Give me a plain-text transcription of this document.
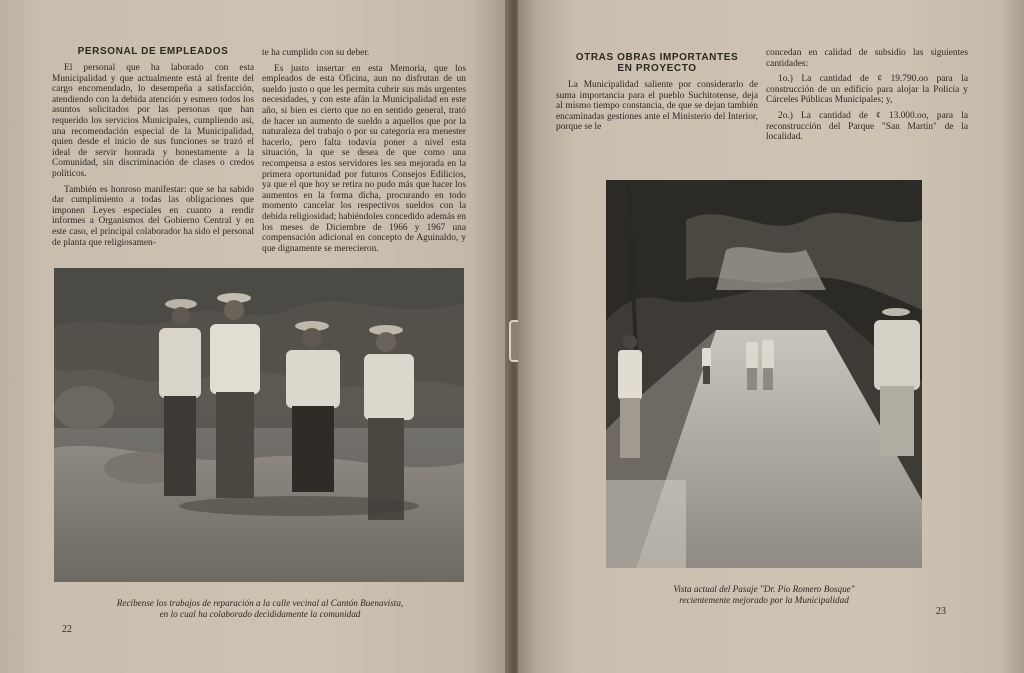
PERSONAL DE EMPLEADOS

El personal que ha laborado con esta Municipalidad y que actualmente está al frente del cargo encomendado, lo desempeña a satisfacción, atendiendo con la debida atención y esmero todos los asuntos solicitados por las personas que han requerido los servicios Municipales, cumpliendo así, una recomendación especial de la Municipalidad, quien desde el inicio de sus funciones se trazó el ideal de servir honrada y honestamente a la Comunidad, sin discriminación de clases o credos políticos.

También es honroso manifestar: que se ha sabido dar cumplimiento a todas las obligaciones que imponen Leyes especiales en cuanto a rendir informes a Organismos del Gobierno Central y en este caso, el principal colaborador ha sido el personal de planta que religiosamen-

te ha cumplido con su deber.

Es justo insertar en esta Memoria, que los empleados de esta Oficina, aun no disfrutan de un sueldo justo o que les permita cubrir sus más urgentes necesidades, y con este afán la Municipalidad en este año, si bien es cierto que no en sentido general, trató de hacer un aumento de sueldo a aquellos que por la naturaleza del trabajo o por su categoría era menester hacerlo, pero falta todavía poner a nivel esta situación, la que se desea de que como una recompensa a estos servidores les sea mejorada en la primera oportunidad por futuros Consejos Edilicios, ya que el que hoy se retira no pudo más que hacer los aumentos en la forma dicha, procurando en todo momento cancelar los respectivos sueldos con la debida religiosidad; habiéndoles concedido además en los meses de Diciembre de 1966 y 1967 una compensación adicional en concepto de Aguinaldo, y que dignamente se merecieron.

Recíbense los trabajos de reparación a la calle vecinal al Cantón Buenavista,
en lo cual ha colaborado decididamente la comunidad
22
OTRAS OBRAS IMPORTANTES
EN PROYECTO

La Municipalidad saliente por considerarlo de suma importancia para el pueblo Suchitotense, deja al mismo tiempo constancia, de que se dejan también encaminadas gestiones ante el Ministerio del Interior, porque se le

concedan en calidad de subsidio las siguientes cantidades:

1o.) La cantidad de ¢ 19.790.oo para la construcción de un edificio para alojar la Policía y Cárceles Públicas Municipales; y,

2o.) La cantidad de ¢ 13.000.oo, para la reconstrucción del Parque "San Martín" de la localidad.

Vista actual del Pasaje "Dr. Pío Romero Bosque"
recientemente mejorado por la Municipalidad
23
